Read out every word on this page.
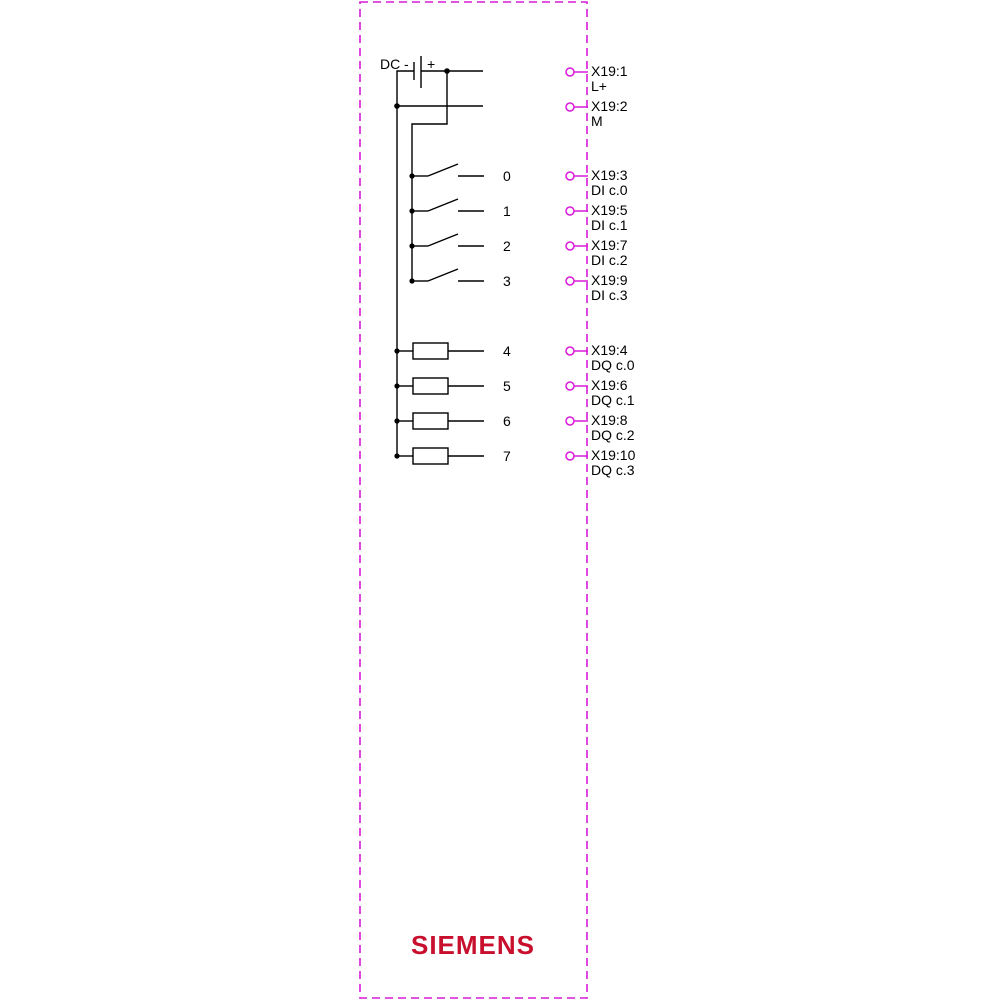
DC - +
0
1
2
3
4
5
6
7
X19:1
L+
X19:2
M
X19:3
DI c.0
X19:5
DI c.1
X19:7
DI c.2
X19:9
DI c.3
X19:4
DQ c.0
X19:6
DQ c.1
X19:8
DQ c.2
X19:10
DQ c.3
SIEMENS
